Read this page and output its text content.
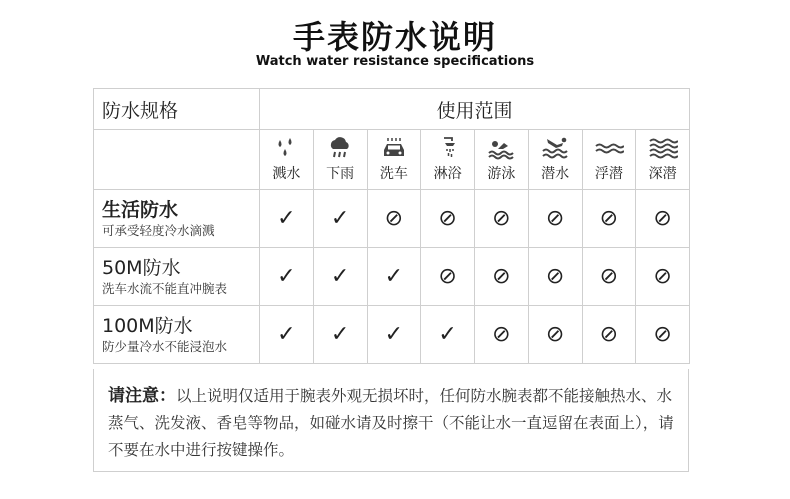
手表防水说明
Watch water resistance specifications
防水规格	使用范围							

溅水	下雨	洗车	淋浴	游泳	潜水	浮潜	深潜

生活防水
可承受轻度冷水滴溅	✓	✓	⊘	⊘	⊘	⊘	⊘	⊘

50M防水
洗车水流不能直冲腕表	✓	✓	✓	⊘	⊘	⊘	⊘	⊘

100M防水
防少量冷水不能浸泡水	✓	✓	✓	✓	⊘	⊘	⊘	⊘
请注意：以上说明仅适用于腕表外观无损坏时，任何防水腕表都不能接触热水、水蒸气、洗发液、香皂等物品，如碰水请及时擦干（不能让水一直逗留在表面上），请不要在水中进行按键操作。
